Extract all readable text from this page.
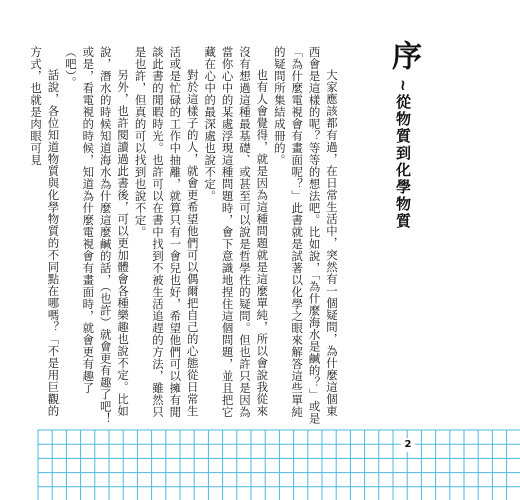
大家應該都有過，在日常生活中，突然有一個疑問，為什麼這個東西會是這樣的呢？等等的想法吧。比如說，「為什麼海水是鹹的？」或是「為什麼電視會有畫面呢？」此書就是試著以化學之眼來解答這些單純的疑問所集結成冊的。

也有人會覺得，就是因為這種問題就是這麼單純，所以會說我從來沒有想過這種最基礎、或甚至可以說是哲學性的疑問。但也許只是因為當你心中的某處浮現這種問題時，會下意識地捏住這個問題，並且把它藏在心中的最深處也說不定。

對於這樣子的人，就會更希望他們可以偶爾把自己的心態從日常生活或是忙碌的工作中抽離，就算只有一會兒也好，希望他們可以擁有閒談此書的閒暇時光。也許可以在書中找到不被生活追趕的方法，雖然只是也許，但真的可以找到也說不定。

另外，也許閱讀過此書後，可以更加體會各種樂趣也說不定。比如說，潛水的時候知道海水為什麼這麼鹹的話，（也許）就會更有趣了吧！或是，看電視的時候，知道為什麼電視會有畫面時，就會更有趣了（吧）。

話說，各位知道物質與化學物質的不同點在哪嗎？「不是用巨觀的方式，也就是肉眼可見	序 ~從物質到化學物質
2
